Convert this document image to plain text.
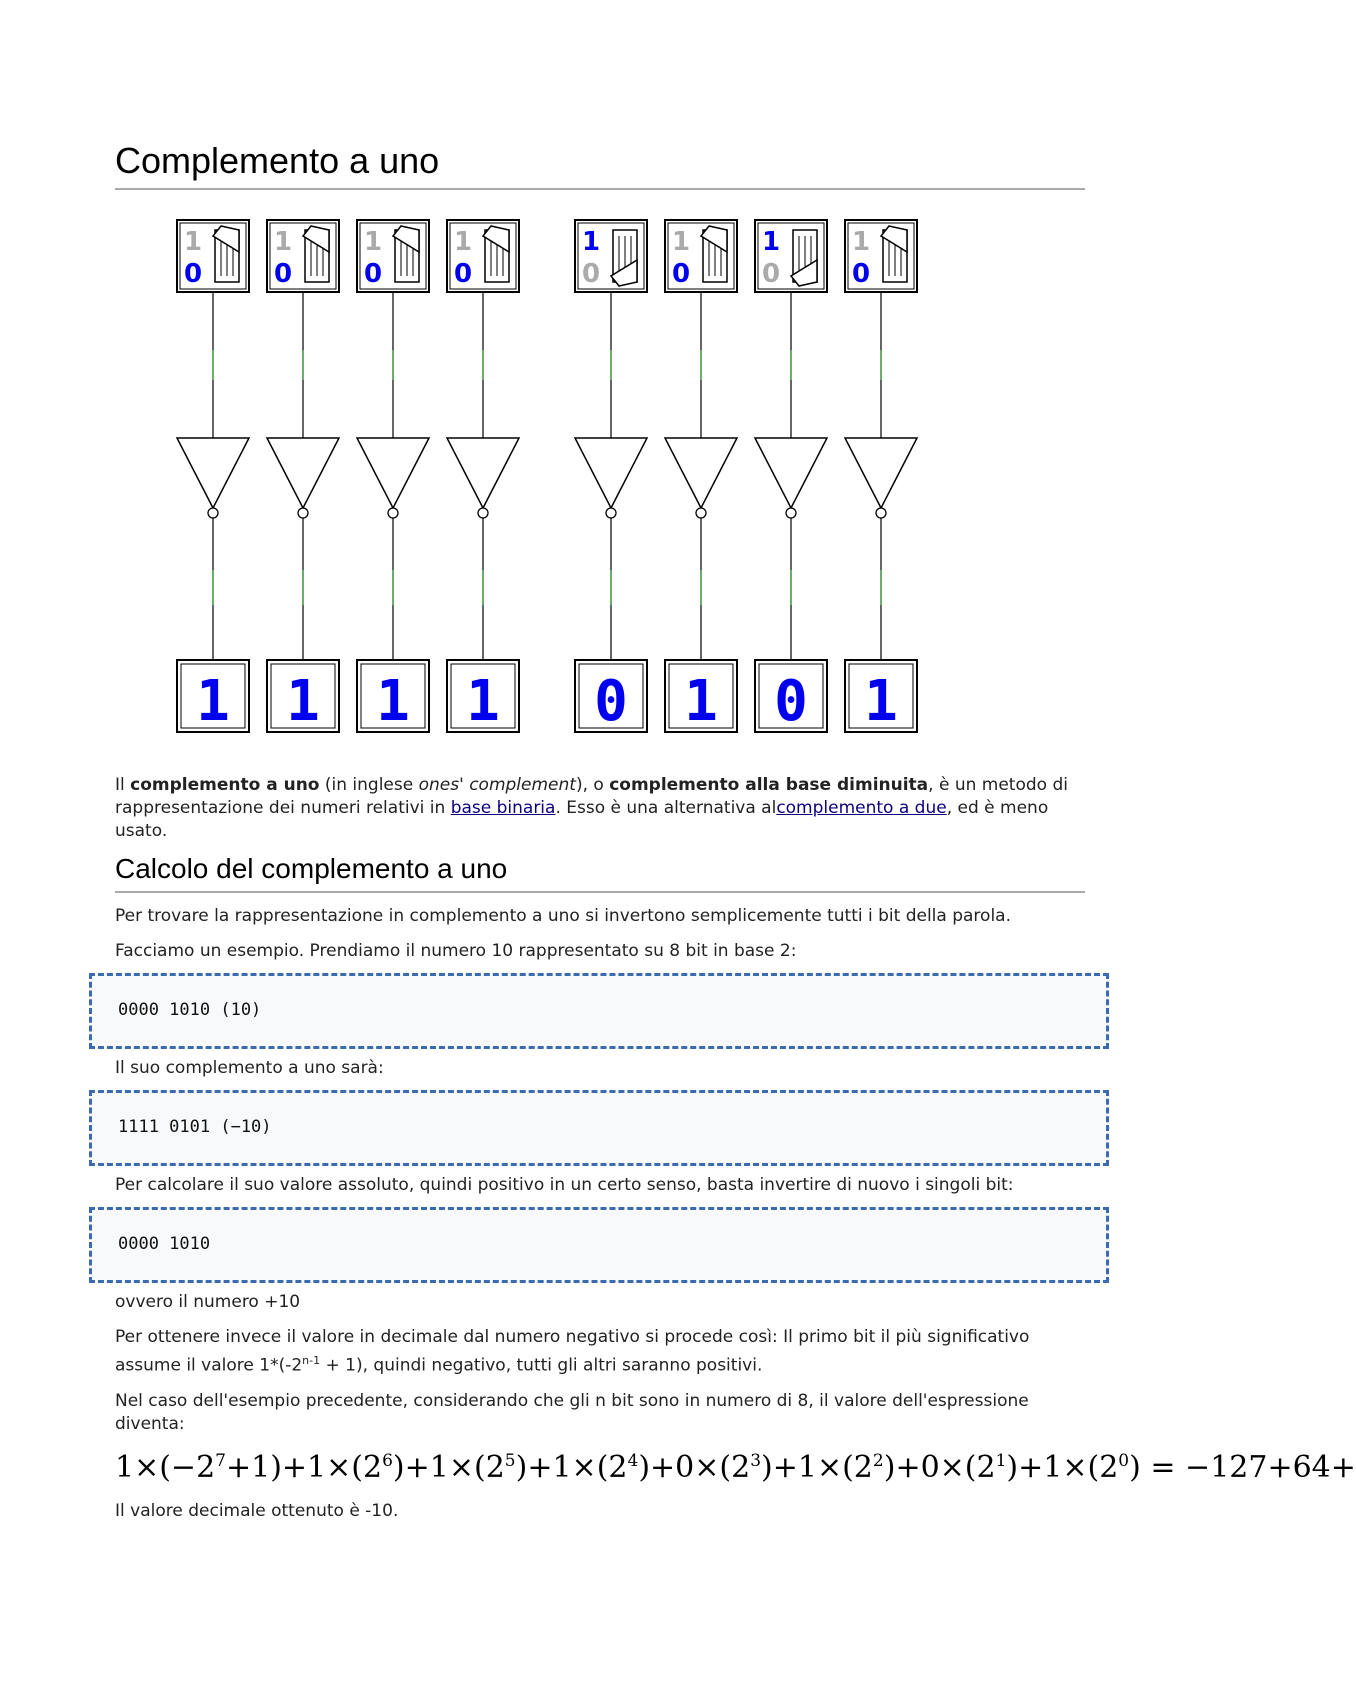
Complemento a uno
1
0
1
1
0
1
1
0
1
1
0
1
1
0
0
1
0
1
1
0
0
1
0
1

Il complemento a uno (in inglese ones' complement), o complemento alla base diminuita, è un metodo di rappresentazione dei numeri relativi in base binaria. Esso è una alternativa alcomplemento a due, ed è meno usato.

Calcolo del complemento a uno

Per trovare la rappresentazione in complemento a uno si invertono semplicemente tutti i bit della parola.

Facciamo un esempio. Prendiamo il numero 10 rappresentato su 8 bit in base 2:

0000 1010 (10)

Il suo complemento a uno sarà:

1111 0101 (−10)

Per calcolare il suo valore assoluto, quindi positivo in un certo senso, basta invertire di nuovo i singoli bit:

0000 1010

ovvero il numero +10

Per ottenere invece il valore in decimale dal numero negativo si procede così: Il primo bit il più significativo assume il valore $1*(-2^{n-1} + 1)$, quindi negativo, tutti gli altri saranno positivi.

Nel caso dell'esempio precedente, considerando che gli n bit sono in numero di 8, il valore dell'espressione diventa:

$1\times(-2^7+1)+1\times(2^6)+1\times(2^5)+1\times(2^4)+0\times(2^3)+1\times(2^2)+0\times(2^1)+1\times(2^0) = -127+64+$

Il valore decimale ottenuto è -10.
